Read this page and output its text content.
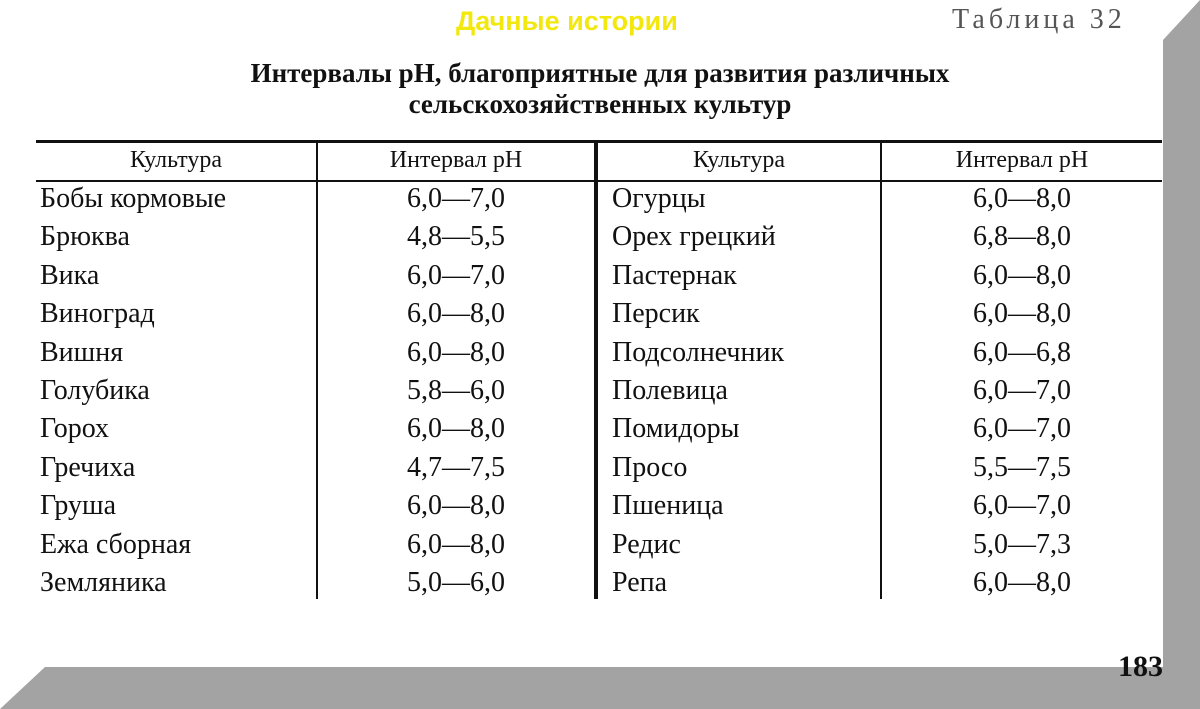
Дачные истории	Таблица 32
Интервалы pH, благоприятные для развития различных
сельскохозяйственных культур
Культура	Интервал pH	Культура	Интервал pH
Бобы кормовые	6,0—7,0	Огурцы	6,0—8,0
Брюква	4,8—5,5	Орех грецкий	6,8—8,0
Вика	6,0—7,0	Пастернак	6,0—8,0
Виноград	6,0—8,0	Персик	6,0—8,0
Вишня	6,0—8,0	Подсолнечник	6,0—6,8
Голубика	5,8—6,0	Полевица	6,0—7,0
Горох	6,0—8,0	Помидоры	6,0—7,0
Гречиха	4,7—7,5	Просо	5,5—7,5
Груша	6,0—8,0	Пшеница	6,0—7,0
Ежа сборная	6,0—8,0	Редис	5,0—7,3
Земляника	5,0—6,0	Репа	6,0—8,0
183
